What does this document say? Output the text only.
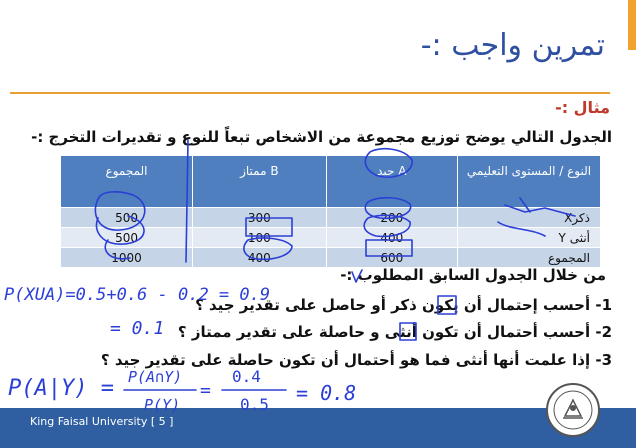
تمرين واجب :-
مثال :-
الجدول التالي يوضح توزيع مجموعة من الاشخاص تبعاً للنوع و تقديرات التخرج :-
المجموع	ممتاز B	جيد A	النوع / المستوى التعليمي
500	300	200	ذكرX
500	100	400	أنثى Y
1000	400	600	المجموع
من خلال الجدول السابق المطلوب :-
1- أحسب إحتمال أن يكون ذكر أو حاصل على تقدير جيد ؟
2- أحسب أحتمال أن تكون أنثى و حاصلة على تقدير ممتاز ؟
3- إذا علمت أنها أنثى فما هو أحتمال أن تكون حاصلة على تقدير جيد ؟
King Faisal University [ 5 ]
P(XUA)=0.5+0.6 - 0.2 = 0.9
= 0.1
P(A|Y) = P(A∩Y)
P(Y)
=
0.4
0.5 = 0.8
